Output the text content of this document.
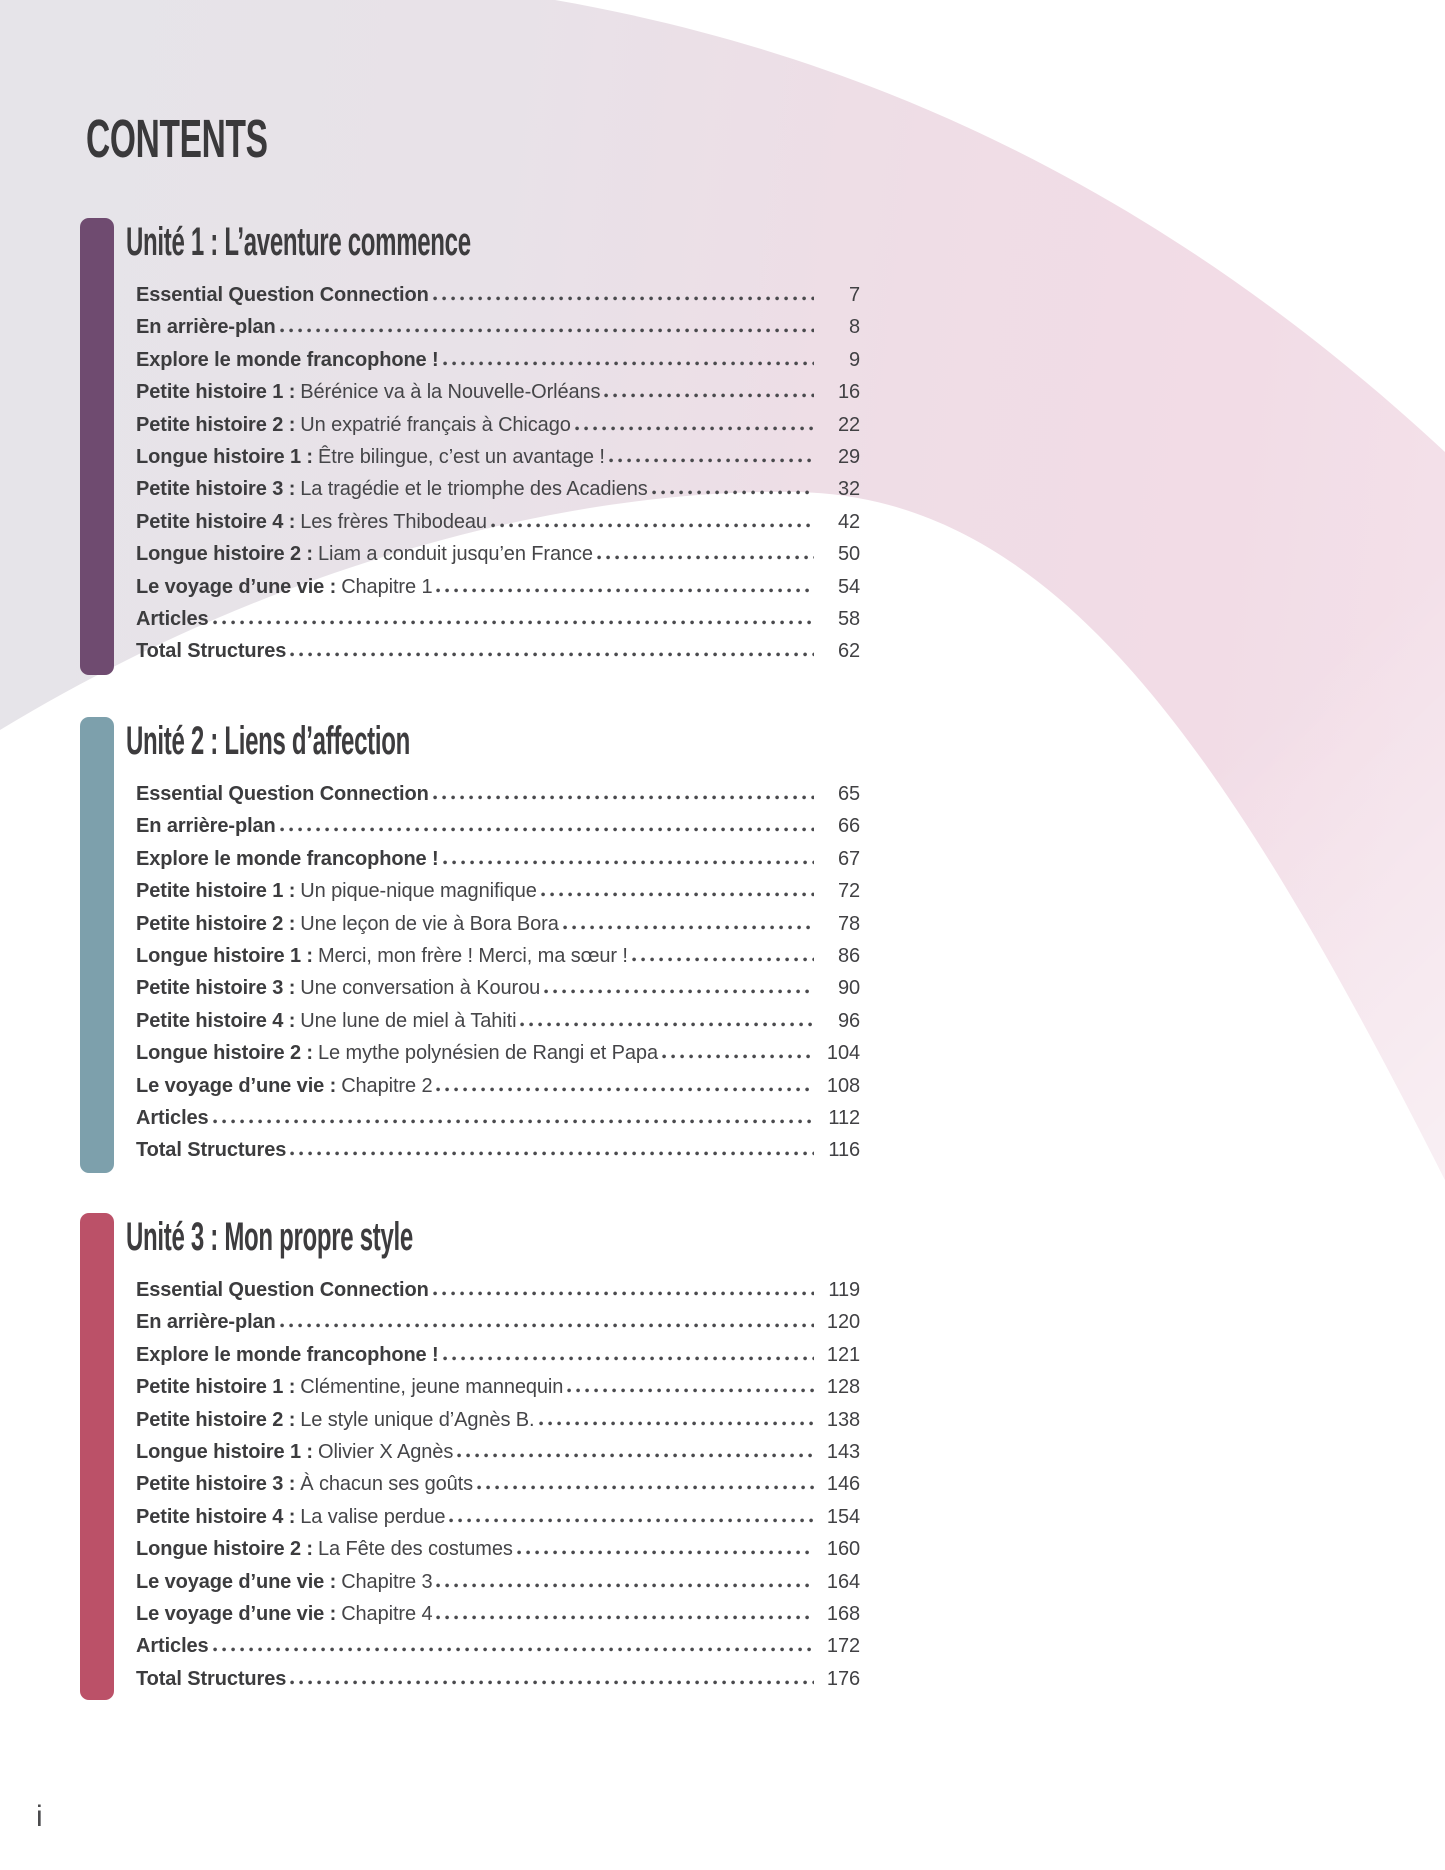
CONTENTS
Unité 1 : L’aventure commence
Essential Question Connection	7
En arrière-plan	8
Explore le monde francophone !	9
Petite histoire 1 : Bérénice va à la Nouvelle-Orléans	16
Petite histoire 2 : Un expatrié français à Chicago	22
Longue histoire 1 : Être bilingue, c’est un avantage !	29
Petite histoire 3 : La tragédie et le triomphe des Acadiens	32
Petite histoire 4 : Les frères Thibodeau	42
Longue histoire 2 : Liam a conduit jusqu’en France	50
Le voyage d’une vie : Chapitre 1	54
Articles	58
Total Structures	62
Unité 2 : Liens d’affection
Essential Question Connection	65
En arrière-plan	66
Explore le monde francophone !	67
Petite histoire 1 : Un pique-nique magnifique	72
Petite histoire 2 : Une leçon de vie à Bora Bora	78
Longue histoire 1 : Merci, mon frère ! Merci, ma sœur !	86
Petite histoire 3 : Une conversation à Kourou	90
Petite histoire 4 : Une lune de miel à Tahiti	96
Longue histoire 2 : Le mythe polynésien de Rangi et Papa	104
Le voyage d’une vie : Chapitre 2	108
Articles	112
Total Structures	116
Unité 3 : Mon propre style
Essential Question Connection	119
En arrière-plan	120
Explore le monde francophone !	121
Petite histoire 1 : Clémentine, jeune mannequin	128
Petite histoire 2 : Le style unique d’Agnès B.	138
Longue histoire 1 : Olivier X Agnès	143
Petite histoire 3 : À chacun ses goûts	146
Petite histoire 4 : La valise perdue	154
Longue histoire 2 : La Fête des costumes	160
Le voyage d’une vie : Chapitre 3	164
Le voyage d’une vie : Chapitre 4	168
Articles	172
Total Structures	176
i
